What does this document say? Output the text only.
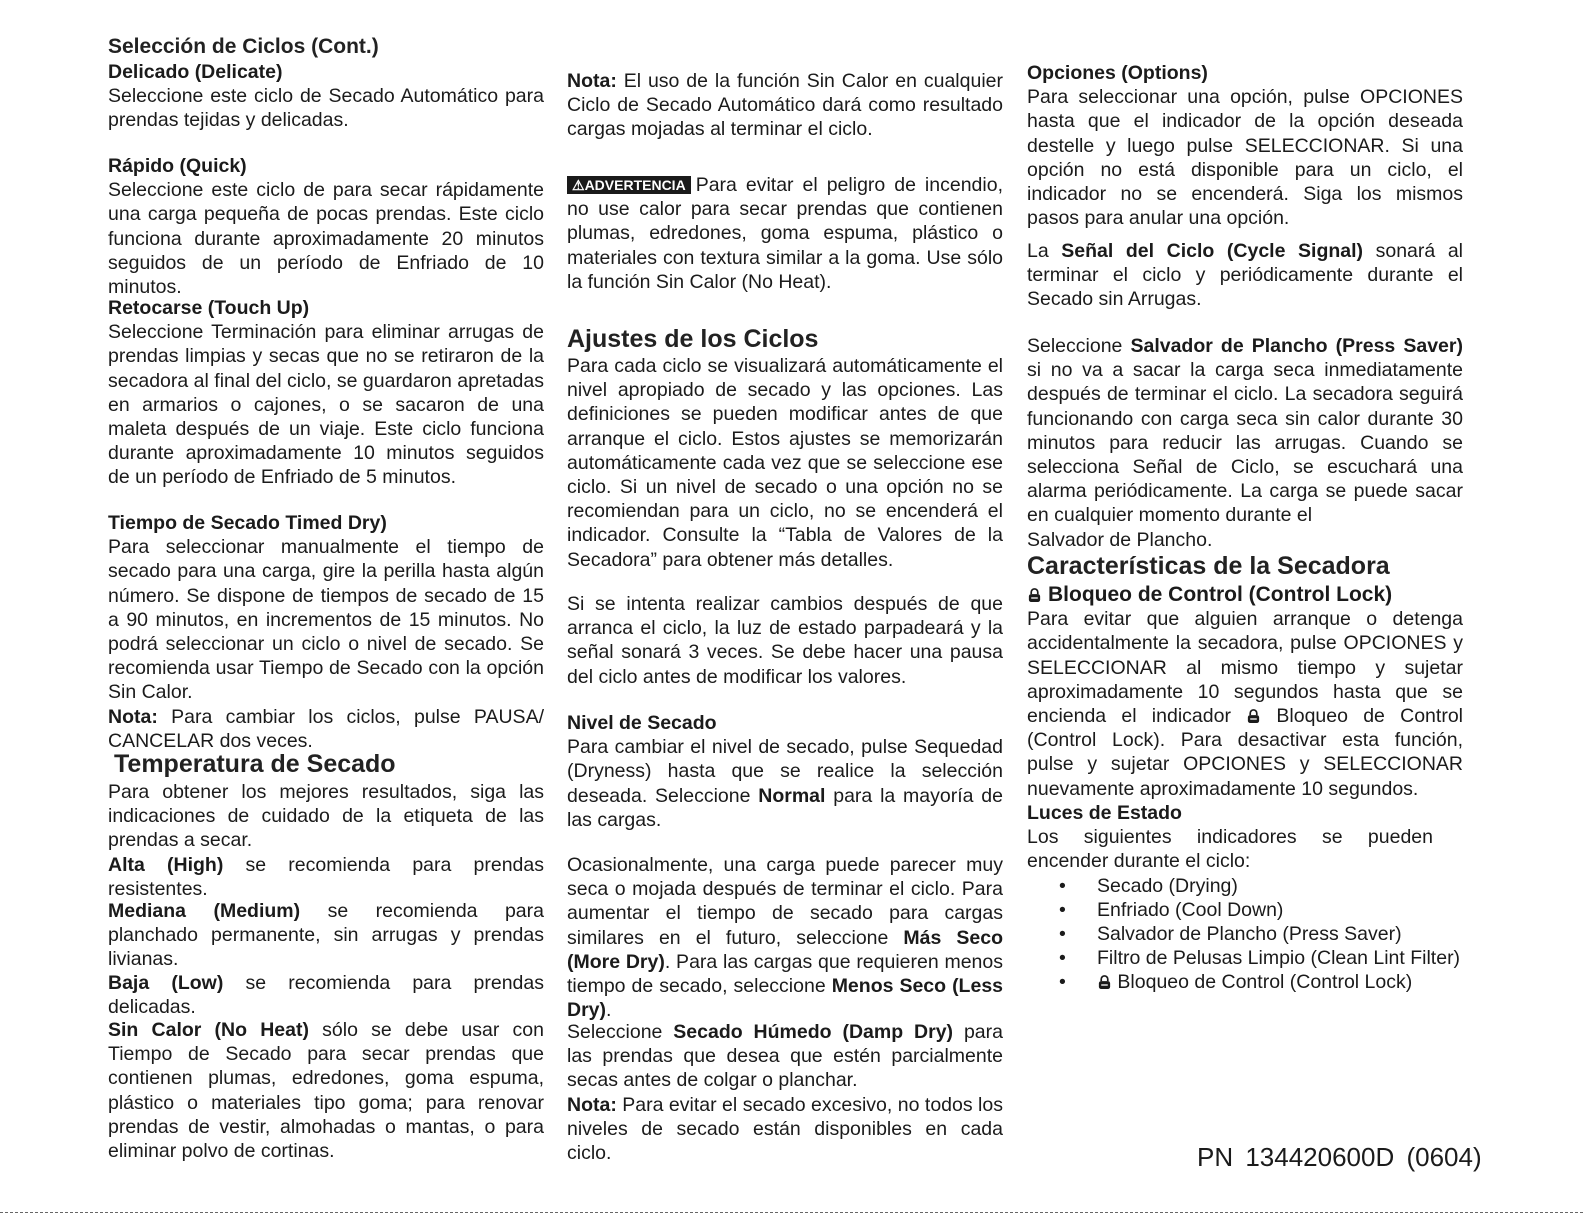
Selección de Ciclos (Cont.)

Delicado (Delicate)
Seleccione este ciclo de Secado Automático para prendas tejidas y delicadas.

Rápido (Quick)
Seleccione este ciclo de para secar rápidamente una carga pequeña de pocas prendas. Este ciclo funciona durante aproximadamente 20 minutos seguidos de un período de Enfriado de 10 minutos.

Retocarse (Touch Up)
Seleccione Terminación para eliminar arrugas de prendas limpias y secas que no se retiraron de la secadora al final del ciclo, se guardaron apretadas en armarios o cajones, o se sacaron de una maleta después de un viaje. Este ciclo funciona durante aproximadamente 10 minutos seguidos de un período de Enfriado de 5 minutos.

Tiempo de Secado Timed Dry)
Para seleccionar manualmente el tiempo de secado para una carga, gire la perilla hasta algún número. Se dispone de tiempos de secado de 15 a 90 minutos, en incrementos de 15 minutos. No podrá seleccionar un ciclo o nivel de secado. Se recomienda usar Tiempo de Secado con la opción Sin Calor.
Nota: Para cambiar los ciclos, pulse PAUSA/ CANCELAR dos veces.

Temperatura de Secado

Para obtener los mejores resultados, siga las indicaciones de cuidado de la etiqueta de las prendas a secar.
Alta (High) se recomienda para prendas resistentes.

Mediana (Medium) se recomienda para planchado permanente, sin arrugas y prendas livianas.

Baja (Low) se recomienda para prendas delicadas.

Sin Calor (No Heat) sólo se debe usar con Tiempo de Secado para secar prendas que contienen plumas, edredones, goma espuma, plástico o materiales tipo goma; para renovar prendas de vestir, almohadas o mantas, o para eliminar polvo de cortinas.

Nota: El uso de la función Sin Calor en cualquier Ciclo de Secado Automático dará como resultado cargas mojadas al terminar el ciclo.

⚠ADVERTENCIA Para evitar el peligro de incendio, no use calor para secar prendas que contienen plumas, edredones, goma espuma, plástico o materiales con textura similar a la goma. Use sólo la función Sin Calor (No Heat).

Ajustes de los Ciclos

Para cada ciclo se visualizará automáticamente el nivel apropiado de secado y las opciones. Las definiciones se pueden modificar antes de que arranque el ciclo. Estos ajustes se memorizarán automáticamente cada vez que se seleccione ese ciclo. Si un nivel de secado o una opción no se recomiendan para un ciclo, no se encenderá el indicador. Consulte la “Tabla de Valores de la Secadora” para obtener más detalles.

Si se intenta realizar cambios después de que arranca el ciclo, la luz de estado parpadeará y la señal sonará 3 veces. Se debe hacer una pausa del ciclo antes de modificar los valores.

Nivel de Secado
Para cambiar el nivel de secado, pulse Sequedad (Dryness) hasta que se realice la selección deseada. Seleccione Normal para la mayoría de las cargas.

Ocasionalmente, una carga puede parecer muy seca o mojada después de terminar el ciclo. Para aumentar el tiempo de secado para cargas similares en el futuro, seleccione Más Seco (More Dry). Para las cargas que requieren menos tiempo de secado, seleccione Menos Seco (Less Dry).

Seleccione Secado Húmedo (Damp Dry) para las prendas que desea que estén parcialmente secas antes de colgar o planchar.
Nota: Para evitar el secado excesivo, no todos los niveles de secado están disponibles en cada ciclo.

Opciones (Options)
Para seleccionar una opción, pulse OPCIONES hasta que el indicador de la opción deseada destelle y luego pulse SELECCIONAR. Si una opción no está disponible para un ciclo, el indicador no se encenderá. Siga los mismos pasos para anular una opción.

La Señal del Ciclo (Cycle Signal) sonará al terminar el ciclo y periódicamente durante el Secado sin Arrugas.

Seleccione Salvador de Plancho (Press Saver) si no va a sacar la carga seca inmediatamente después de terminar el ciclo. La secadora seguirá funcionando con carga seca sin calor durante 30 minutos para reducir las arrugas. Cuando se selecciona Señal de Ciclo, se escuchará una alarma periódicamente. La carga se puede sacar en cualquier momento durante el
Salvador de Plancho.

Características de la Secadora

Bloqueo de Control (Control Lock)
Para evitar que alguien arranque o detenga accidentalmente la secadora, pulse OPCIONES y SELECCIONAR al mismo tiempo y sujetar aproximadamente 10 segundos hasta que se encienda el indicador  Bloqueo de Control (Control Lock). Para desactivar esta función, pulse y sujetar OPCIONES y SELECCIONAR nuevamente aproximadamente 10 segundos.

Luces de Estado
Los siguientes indicadores se pueden encender durante el ciclo:
• Secado (Drying)
• Enfriado (Cool Down)
• Salvador de Plancho (Press Saver)
• Filtro de Pelusas Limpio (Clean Lint Filter)
• Bloqueo de Control (Control Lock)
PN 134420600D (0604)
